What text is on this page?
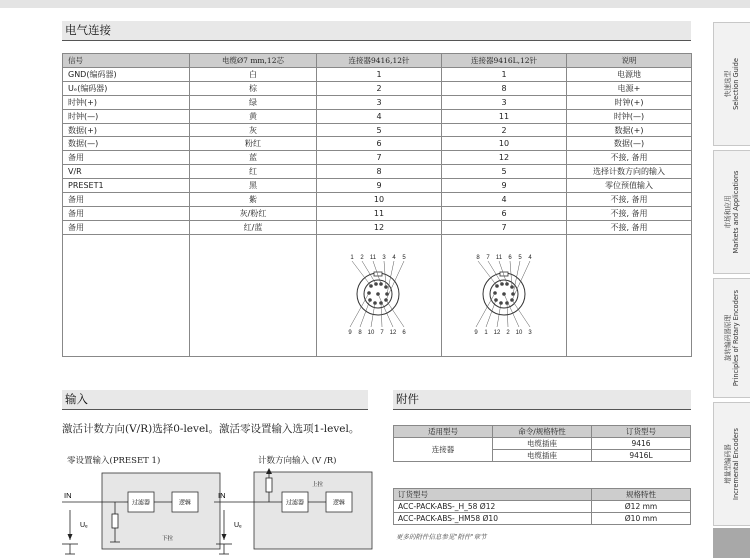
电气连接
信号	电缆Ø7 mm,12芯	连接器9416,12针	连接器9416L,12针	说明
GND(编码器)	白	1	1	电源地
Uₑ(编码器)	棕	2	8	电源+
时钟(+)	绿	3	3	时钟(+)
时钟(—)	黄	4	11	时钟(—)
数据(+)	灰	5	2	数据(+)
数据(—)	粉红	6	10	数据(—)
备用	蓝	7	12	不接, 备用
V/R	红	8	5	选择计数方向的输入
PRESET1	黑	9	9	零位预值输入
备用	紫	10	4	不接, 备用
备用	灰/粉红	11	6	不接, 备用
备用	红/蓝	12	7	不接, 备用

1 2 11 3 4 5
9 8 10 7 12 6
8 7 11 6 5 4
9 1 12 2 10 3
输入
激活计数方向(V/R)选择0-level。激活零设置输入选项1-level。
零设置输入(PRESET 1)	计数方向输入 (V /R)
IN
过滤器	逻辑
下拉
Uₑ
上拉
IN
过滤器	逻辑
Uₑ
附件
适用型号	命令/规格特性	订货型号
连接器	电缆插座	9416
	电缆插座	9416L
订货型号	规格特性
ACC-PACK-ABS-_H_58 Ø12	Ø12 mm
ACC-PACK-ABS-_HM58 Ø10	Ø10 mm
更多的附件信息参见"附件"章节
快速选型 Selection Guide
市场和应用 Markets and Applications
旋转编码器原理 Principles of Rotary Encoders
增量型编码器 Incremental Encoders
